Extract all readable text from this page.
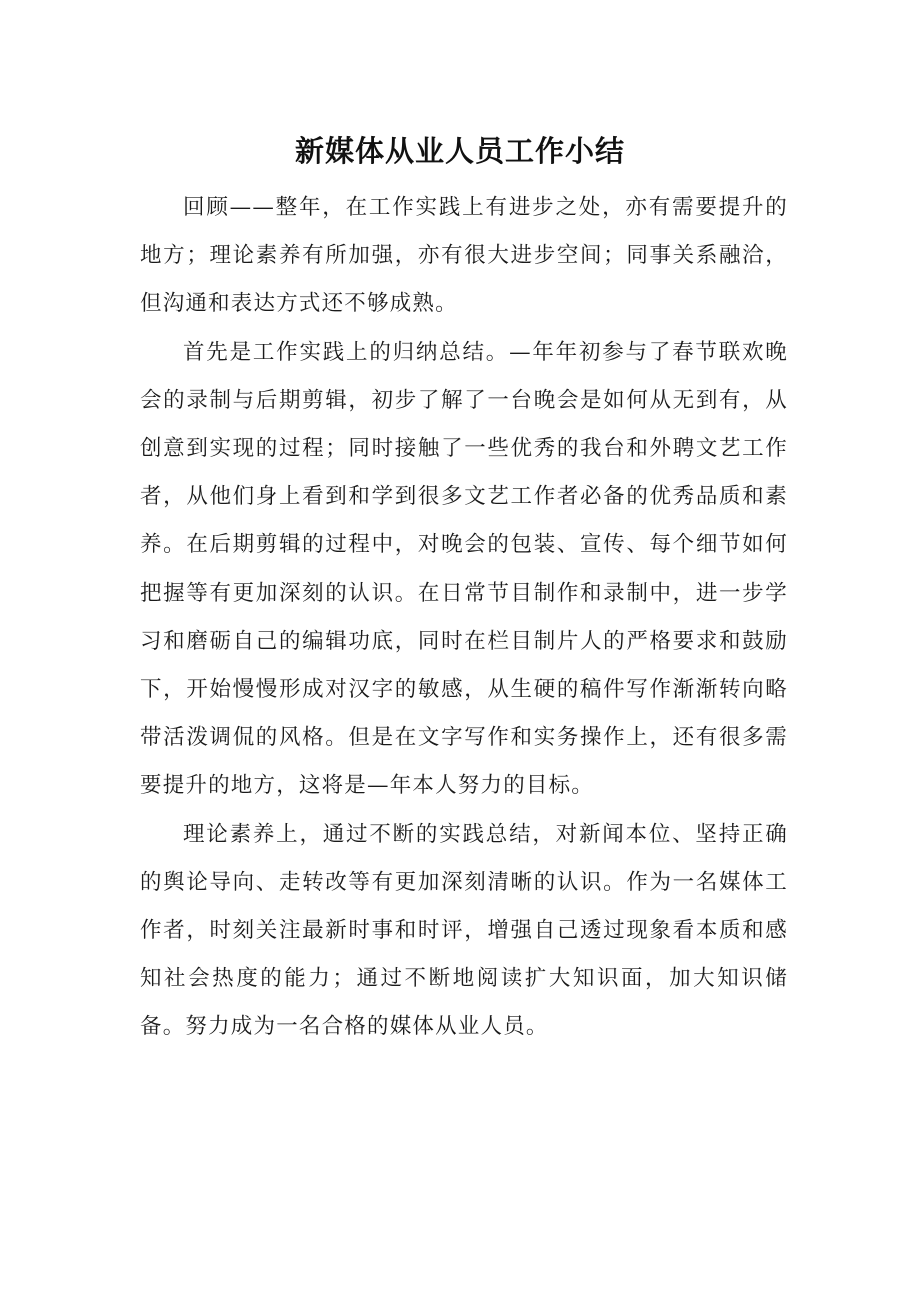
新媒体从业人员工作小结

回顾——整年，在工作实践上有进步之处，亦有需要提升的地方；理论素养有所加强，亦有很大进步空间；同事关系融洽，但沟通和表达方式还不够成熟。

首先是工作实践上的归纳总结。—年年初参与了春节联欢晚会的录制与后期剪辑，初步了解了一台晚会是如何从无到有，从创意到实现的过程；同时接触了一些优秀的我台和外聘文艺工作者，从他们身上看到和学到很多文艺工作者必备的优秀品质和素养。在后期剪辑的过程中，对晚会的包装、宣传、每个细节如何把握等有更加深刻的认识。在日常节目制作和录制中，进一步学习和磨砺自己的编辑功底，同时在栏目制片人的严格要求和鼓励下，开始慢慢形成对汉字的敏感，从生硬的稿件写作渐渐转向略带活泼调侃的风格。但是在文字写作和实务操作上，还有很多需要提升的地方，这将是—年本人努力的目标。

理论素养上，通过不断的实践总结，对新闻本位、坚持正确的舆论导向、走转改等有更加深刻清晰的认识。作为一名媒体工作者，时刻关注最新时事和时评，增强自己透过现象看本质和感知社会热度的能力；通过不断地阅读扩大知识面，加大知识储备。努力成为一名合格的媒体从业人员。
